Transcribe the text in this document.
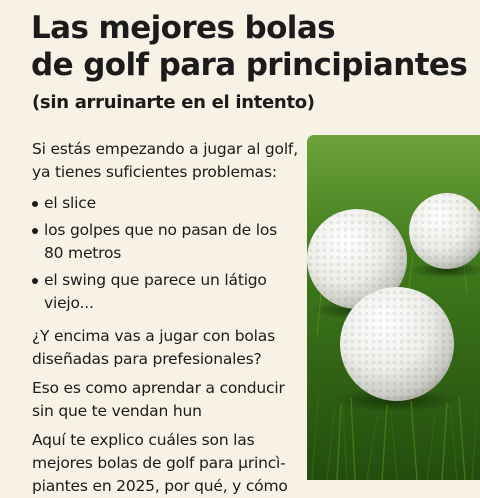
Las mejores bolas
de golf para principiantes
(sin arruinarte en el intento)

Si estás empezando a jugar al golf, ya tienes suficientes problemas:

el slice
los golpes que no pasan de los 80 metros
el swing que parece un látigo viejo...

¿Y encima vas a jugar con bolas diseñadas para prefesionales?

Eso es como aprendar a conducir sin que te vendan hun

Aquí te explico cuáles son las mejores bolas de golf para µrincì- piantes en 2025, por qué, y cómo
